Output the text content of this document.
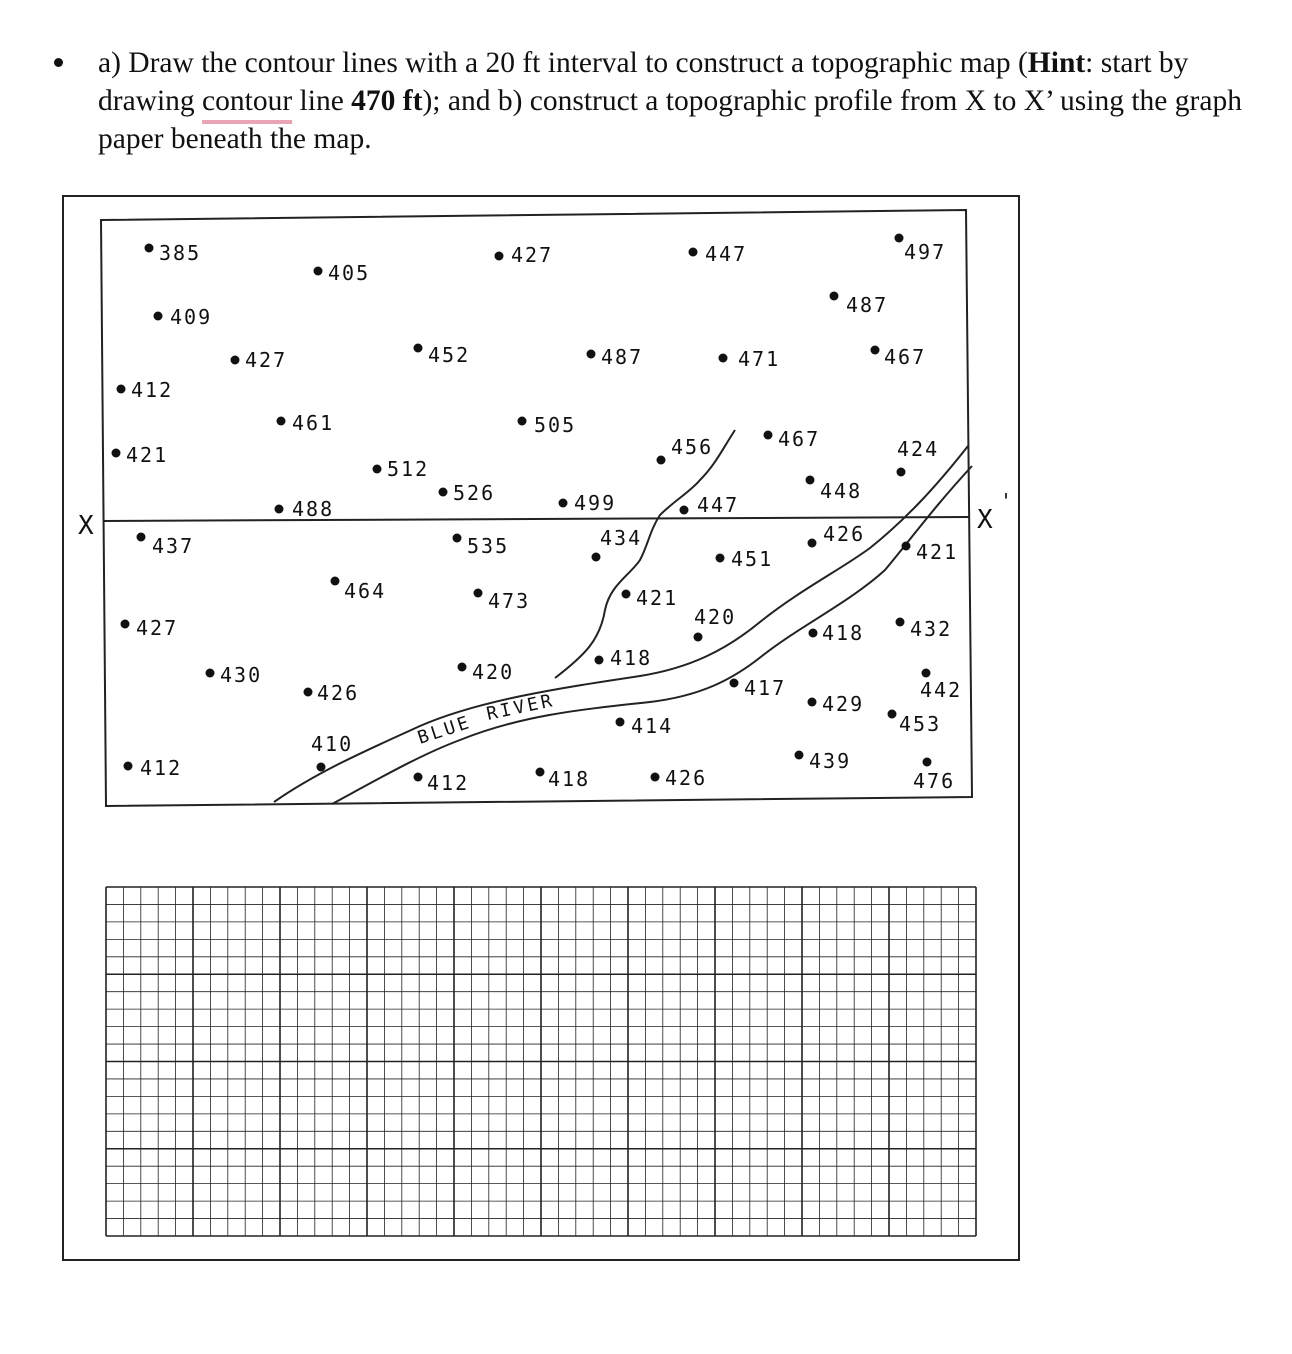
a) Draw the contour lines with a 20 ft interval to construct a topographic map (Hint: start by drawing contour line 470 ft); and b) construct a topographic profile from X to X’ using the graph paper beneath the map.

X	X
'
BLUE
RIVER
385
405
427	447	497
409	487
427	452	487	471	467
412
461	505
456	467	424
421
512
526	499	447
448
488
437	535	434	426
421
451
464	473	421
420
427	418 432
418
430	420
417	442
426	429
453
410
414
412	439
412	418	426	476
